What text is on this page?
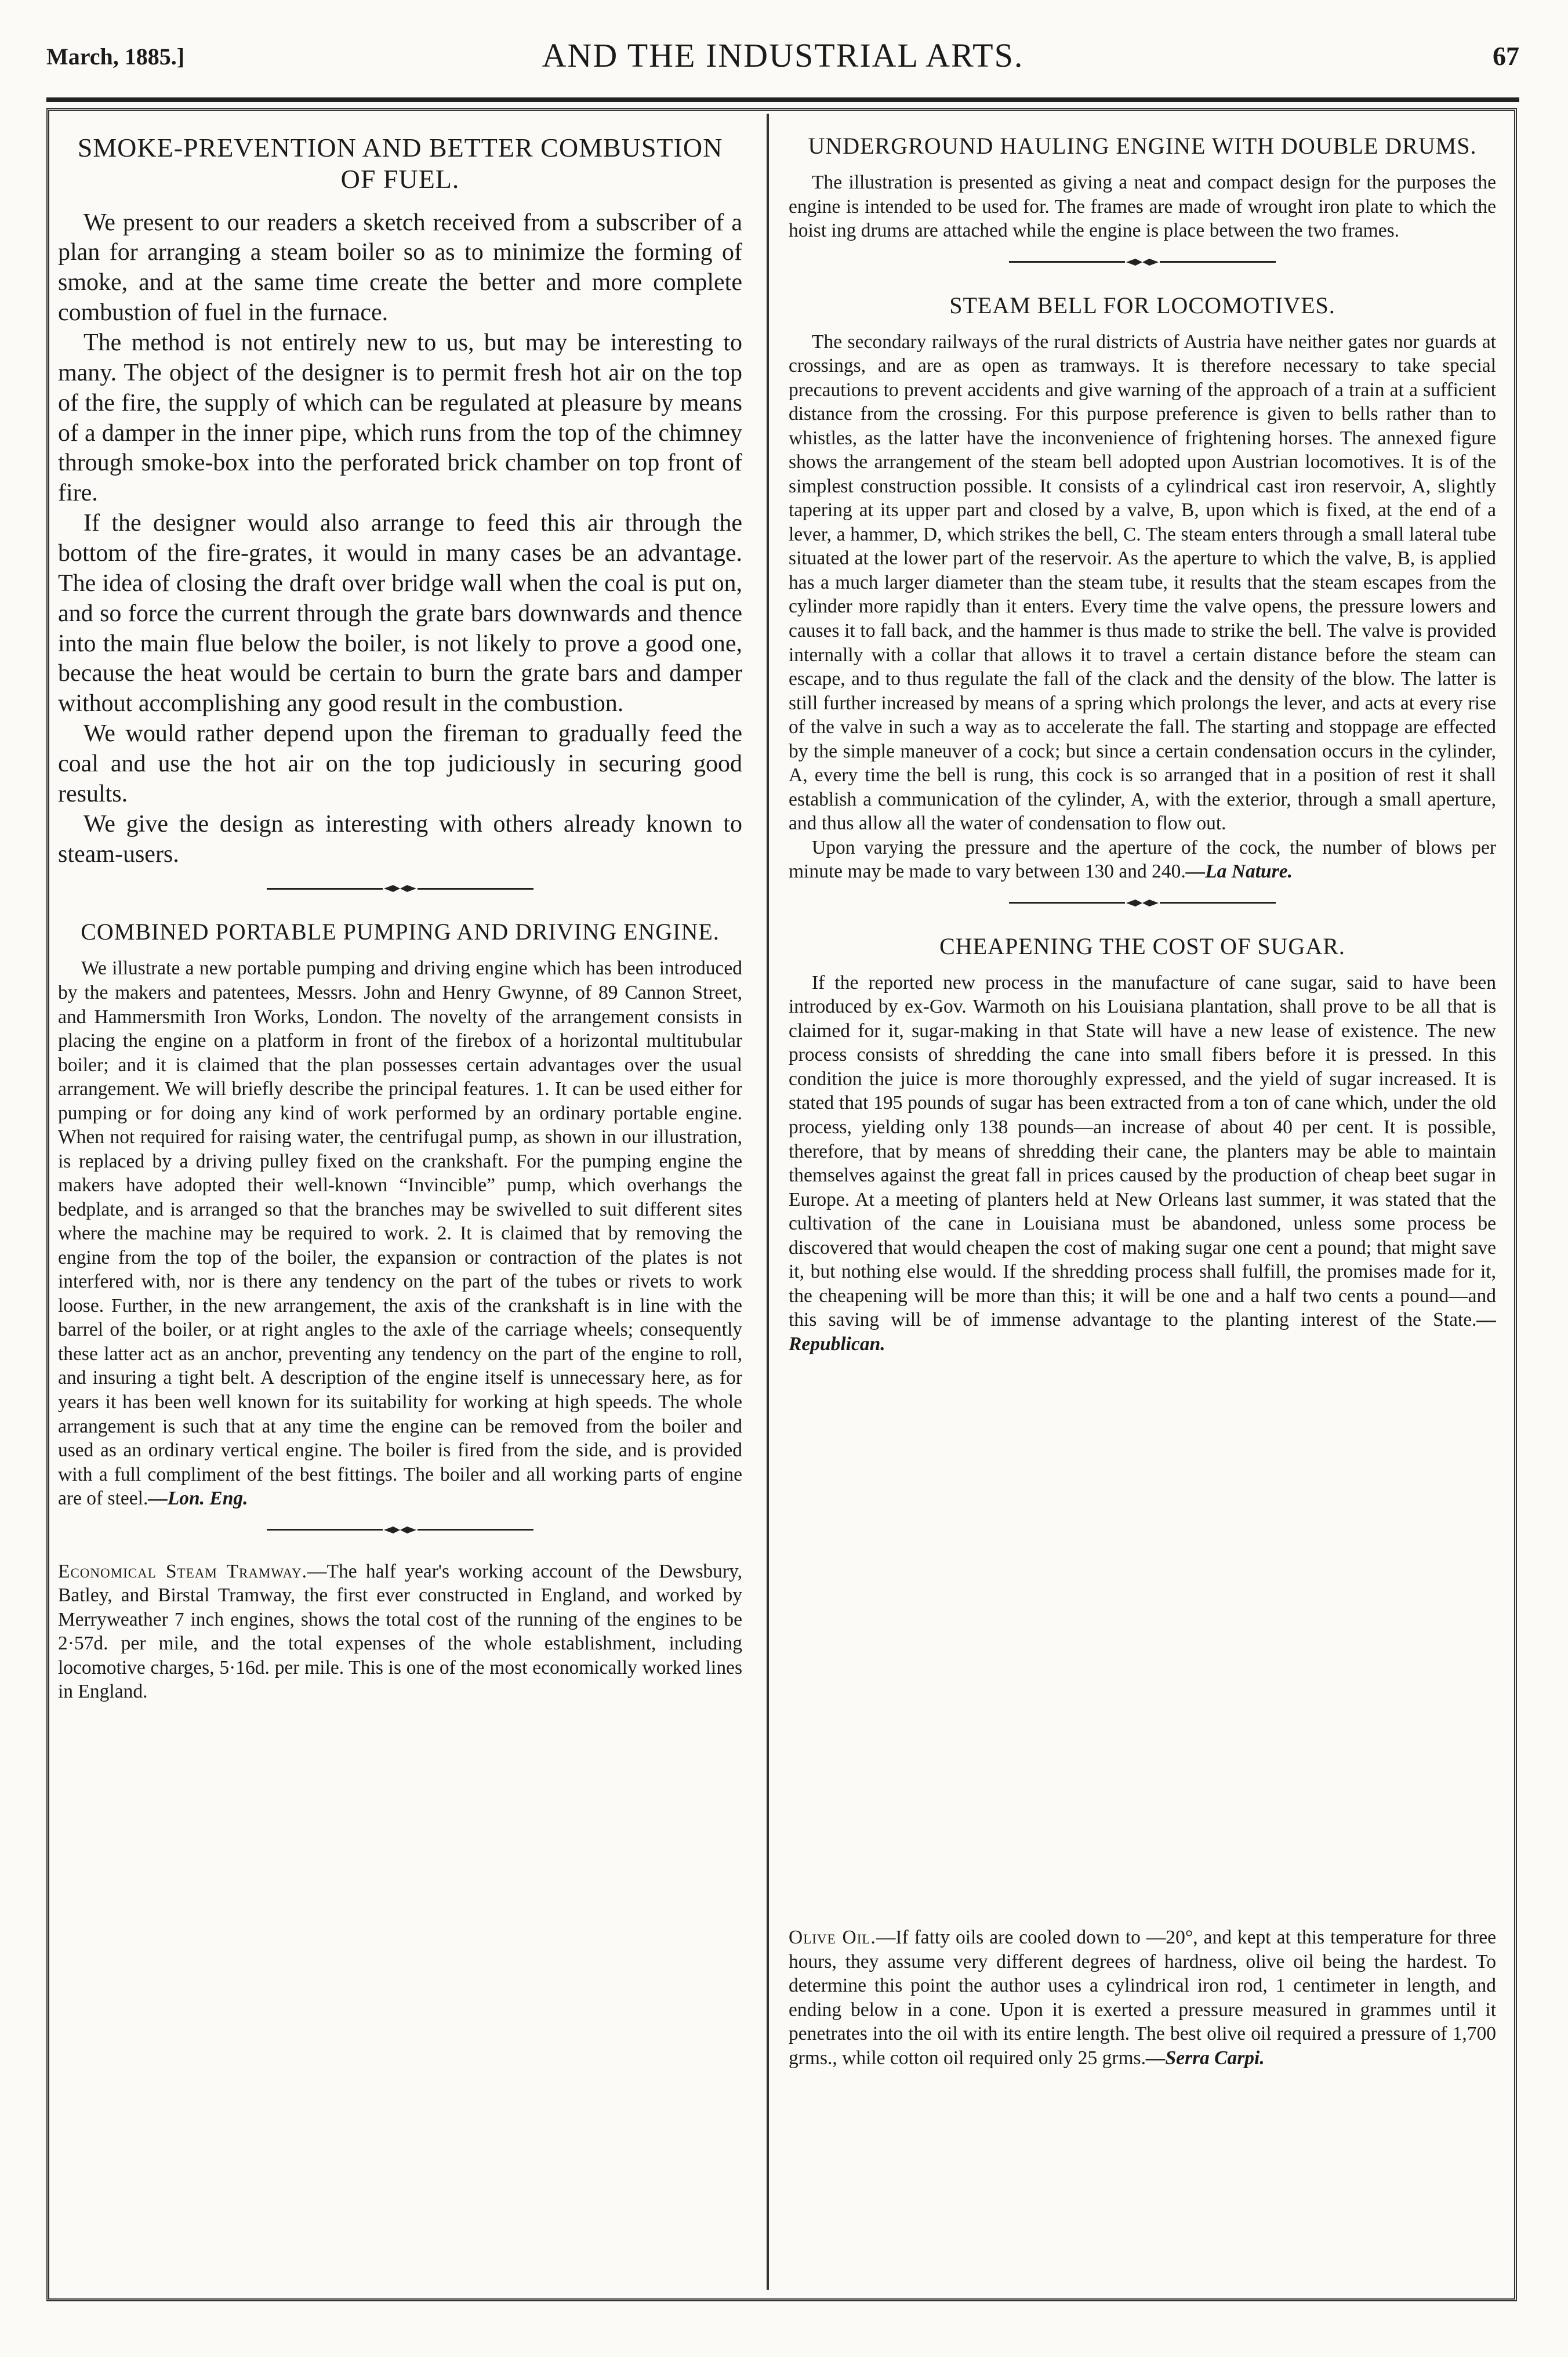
March, 1885.]	AND THE INDUSTRIAL ARTS.	67
SMOKE-PREVENTION AND BETTER COMBUSTION OF FUEL.

We present to our readers a sketch received from a subscriber of a plan for arranging a steam boiler so as to minimize the forming of smoke, and at the same time create the better and more complete combustion of fuel in the furnace.

The method is not entirely new to us, but may be interesting to many. The object of the designer is to permit fresh hot air on the top of the fire, the supply of which can be regulated at pleasure by means of a damper in the inner pipe, which runs from the top of the chimney through smoke-box into the perforated brick chamber on top front of fire.

If the designer would also arrange to feed this air through the bottom of the fire-grates, it would in many cases be an advantage. The idea of closing the draft over bridge wall when the coal is put on, and so force the current through the grate bars downwards and thence into the main flue below the boiler, is not likely to prove a good one, because the heat would be certain to burn the grate bars and damper without accomplishing any good result in the combustion.

We would rather depend upon the fireman to gradually feed the coal and use the hot air on the top judiciously in securing good results.

We give the design as interesting with others already known to steam-users.

COMBINED PORTABLE PUMPING AND DRIVING ENGINE.

We illustrate a new portable pumping and driving engine which has been introduced by the makers and patentees, Messrs. John and Henry Gwynne, of 89 Cannon Street, and Hammersmith Iron Works, London. The novelty of the arrangement consists in placing the engine on a platform in front of the firebox of a horizontal multitubular boiler; and it is claimed that the plan possesses certain advantages over the usual arrangement. We will briefly describe the principal features. 1. It can be used either for pumping or for doing any kind of work performed by an ordinary portable engine. When not required for raising water, the centrifugal pump, as shown in our illustration, is replaced by a driving pulley fixed on the crankshaft. For the pumping engine the makers have adopted their well-known “Invincible” pump, which overhangs the bedplate, and is arranged so that the branches may be swivelled to suit different sites where the machine may be required to work. 2. It is claimed that by removing the engine from the top of the boiler, the expansion or contraction of the plates is not interfered with, nor is there any tendency on the part of the tubes or rivets to work loose. Further, in the new arrangement, the axis of the crankshaft is in line with the barrel of the boiler, or at right angles to the axle of the carriage wheels; consequently these latter act as an anchor, preventing any tendency on the part of the engine to roll, and insuring a tight belt. A description of the engine itself is unnecessary here, as for years it has been well known for its suitability for working at high speeds. The whole arrangement is such that at any time the engine can be removed from the boiler and used as an ordinary vertical engine. The boiler is fired from the side, and is provided with a full compliment of the best fittings. The boiler and all working parts of engine are of steel.—Lon. Eng.

Economical Steam Tramway.—The half year's working account of the Dewsbury, Batley, and Birstal Tramway, the first ever constructed in England, and worked by Merryweather 7 inch engines, shows the total cost of the running of the engines to be 2·57d. per mile, and the total expenses of the whole establishment, including locomotive charges, 5·16d. per mile. This is one of the most economically worked lines in England.

UNDERGROUND HAULING ENGINE WITH DOUBLE DRUMS.

The illustration is presented as giving a neat and compact design for the purposes the engine is intended to be used for. The frames are made of wrought iron plate to which the hoist ing drums are attached while the engine is place between the two frames.

STEAM BELL FOR LOCOMOTIVES.

The secondary railways of the rural districts of Austria have neither gates nor guards at crossings, and are as open as tramways. It is therefore necessary to take special precautions to prevent accidents and give warning of the approach of a train at a sufficient distance from the crossing. For this purpose preference is given to bells rather than to whistles, as the latter have the inconvenience of frightening horses. The annexed figure shows the arrangement of the steam bell adopted upon Austrian locomotives. It is of the simplest construction possible. It consists of a cylindrical cast iron reservoir, A, slightly tapering at its upper part and closed by a valve, B, upon which is fixed, at the end of a lever, a hammer, D, which strikes the bell, C. The steam enters through a small lateral tube situated at the lower part of the reservoir. As the aperture to which the valve, B, is applied has a much larger diameter than the steam tube, it results that the steam escapes from the cylinder more rapidly than it enters. Every time the valve opens, the pressure lowers and causes it to fall back, and the hammer is thus made to strike the bell. The valve is provided internally with a collar that allows it to travel a certain distance before the steam can escape, and to thus regulate the fall of the clack and the density of the blow. The latter is still further increased by means of a spring which prolongs the lever, and acts at every rise of the valve in such a way as to accelerate the fall. The starting and stoppage are effected by the simple maneuver of a cock; but since a certain condensation occurs in the cylinder, A, every time the bell is rung, this cock is so arranged that in a position of rest it shall establish a communication of the cylinder, A, with the exterior, through a small aperture, and thus allow all the water of condensation to flow out.

Upon varying the pressure and the aperture of the cock, the number of blows per minute may be made to vary between 130 and 240.—La Nature.

CHEAPENING THE COST OF SUGAR.

If the reported new process in the manufacture of cane sugar, said to have been introduced by ex-Gov. Warmoth on his Louisiana plantation, shall prove to be all that is claimed for it, sugar-making in that State will have a new lease of existence. The new process consists of shredding the cane into small fibers before it is pressed. In this condition the juice is more thoroughly expressed, and the yield of sugar increased. It is stated that 195 pounds of sugar has been extracted from a ton of cane which, under the old process, yielding only 138 pounds—an increase of about 40 per cent. It is possible, therefore, that by means of shredding their cane, the planters may be able to maintain themselves against the great fall in prices caused by the production of cheap beet sugar in Europe. At a meeting of planters held at New Orleans last summer, it was stated that the cultivation of the cane in Louisiana must be abandoned, unless some process be discovered that would cheapen the cost of making sugar one cent a pound; that might save it, but nothing else would. If the shredding process shall fulfill, the promises made for it, the cheapening will be more than this; it will be one and a half two cents a pound—and this saving will be of immense advantage to the planting interest of the State.—Republican.

Olive Oil.—If fatty oils are cooled down to —20°, and kept at this temperature for three hours, they assume very different degrees of hardness, olive oil being the hardest. To determine this point the author uses a cylindrical iron rod, 1 centimeter in length, and ending below in a cone. Upon it is exerted a pressure measured in grammes until it penetrates into the oil with its entire length. The best olive oil required a pressure of 1,700 grms., while cotton oil required only 25 grms.—Serra Carpi.
